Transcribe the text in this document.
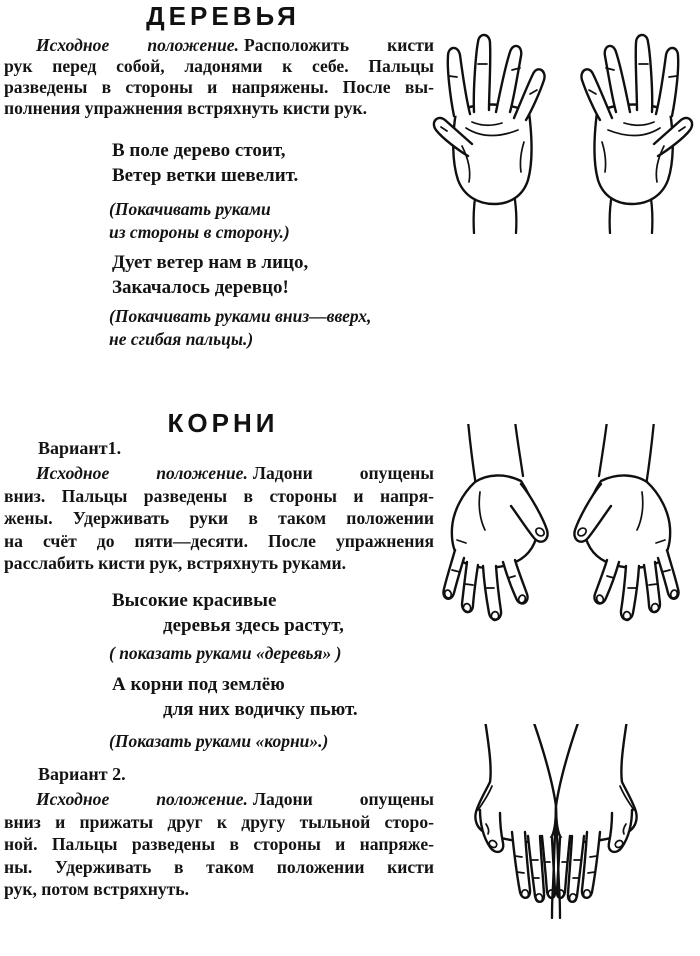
ДЕРЕВЬЯ
Исходное положение. Расположить кисти
рук перед собой, ладонями к себе. Пальцы
разведены в стороны и напряжены. После вы-
полнения упражнения встряхнуть кисти рук.
В поле дерево стоит,
Ветер ветки шевелит.
(Покачивать руками
из стороны в сторону.)
Дует ветер нам в лицо,
Закачалось деревцо!
(Покачивать руками вниз—вверх,
не сгибая пальцы.)
КОРНИ
Вариант1.
Исходное положение. Ладони опущены
вниз. Пальцы разведены в стороны и напря-
жены. Удерживать руки в таком положении
на счёт до пяти—десяти. После упражнения
расслабить кисти рук, встряхнуть руками.
Высокие красивые
деревья здесь растут,
( показать руками «деревья» )
А корни под землёю
для них водичку пьют.
(Показать руками «корни».)
Вариант 2.
Исходное положение. Ладони опущены
вниз и прижаты друг к другу тыльной сторо-
ной. Пальцы разведены в стороны и напряже-
ны. Удерживать в таком положении кисти
рук, потом встряхнуть.
